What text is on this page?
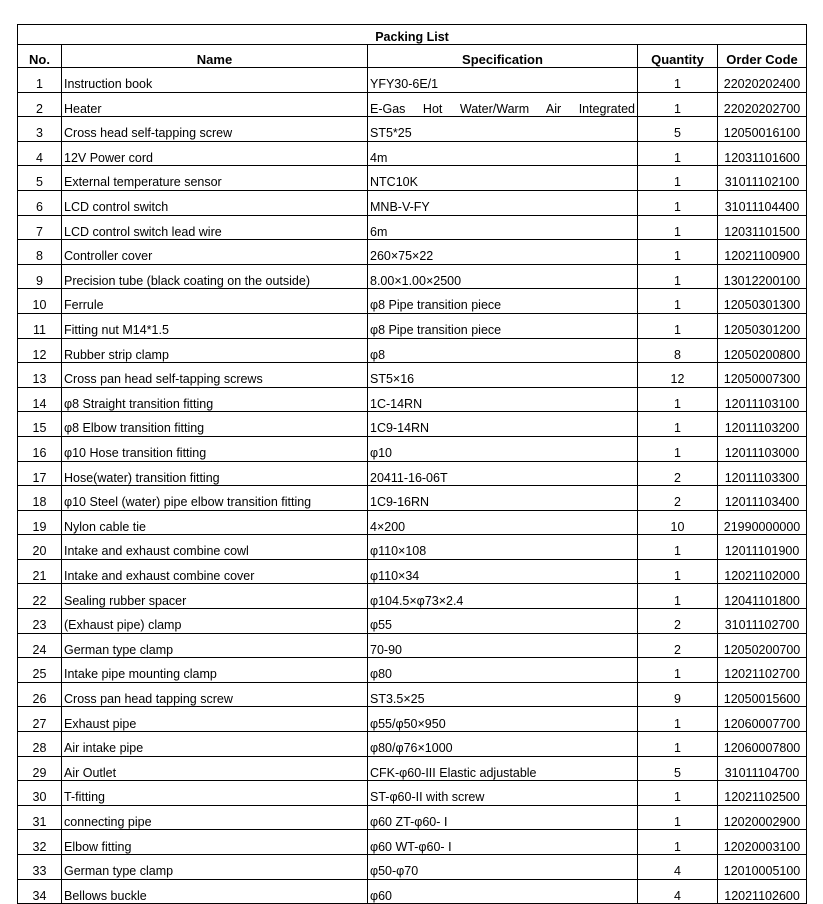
Packing List				
No.	Name	Specification	Quantity	Order Code
1	Instruction book	YFY30-6E/1	1	22020202400
2	Heater	E-Gas Hot Water/Warm Air Integrated	1	22020202700
3	Cross head self-tapping screw	ST5*25	5	12050016100
4	12V Power cord	4m	1	12031101600
5	External temperature sensor	NTC10K	1	31011102100
6	LCD control switch	MNB-V-FY	1	31011104400
7	LCD control switch lead wire	6m	1	12031101500
8	Controller cover	260×75×22	1	12021100900
9	Precision tube (black coating on the outside)	8.00×1.00×2500	1	13012200100
10	Ferrule	φ8 Pipe transition piece	1	12050301300
11	Fitting nut M14*1.5	φ8 Pipe transition piece	1	12050301200
12	Rubber strip clamp	φ8	8	12050200800
13	Cross pan head self-tapping screws	ST5×16	12	12050007300
14	φ8 Straight transition fitting	1C-14RN	1	12011103100
15	φ8 Elbow transition fitting	1C9-14RN	1	12011103200
16	φ10 Hose transition fitting	φ10	1	12011103000
17	Hose(water) transition fitting	20411-16-06T	2	12011103300
18	φ10 Steel (water) pipe elbow transition fitting	1C9-16RN	2	12011103400
19	Nylon cable tie	4×200	10	21990000000
20	Intake and exhaust combine cowl	φ110×108	1	12011101900
21	Intake and exhaust combine cover	φ110×34	1	12021102000
22	Sealing rubber spacer	φ104.5×φ73×2.4	1	12041101800
23	(Exhaust pipe) clamp	φ55	2	31011102700
24	German type clamp	70-90	2	12050200700
25	Intake pipe mounting clamp	φ80	1	12021102700
26	Cross pan head tapping screw	ST3.5×25	9	12050015600
27	Exhaust pipe	φ55/φ50×950	1	12060007700
28	Air intake pipe	φ80/φ76×1000	1	12060007800
29	Air Outlet	CFK-φ60-III Elastic adjustable	5	31011104700
30	T-fitting	ST-φ60-II with screw	1	12021102500
31	connecting pipe	φ60 ZT-φ60- Ⅰ	1	12020002900
32	Elbow fitting	φ60 WT-φ60- Ⅰ	1	12020003100
33	German type clamp	φ50-φ70	4	12010005100
34	Bellows buckle	φ60	4	12021102600
